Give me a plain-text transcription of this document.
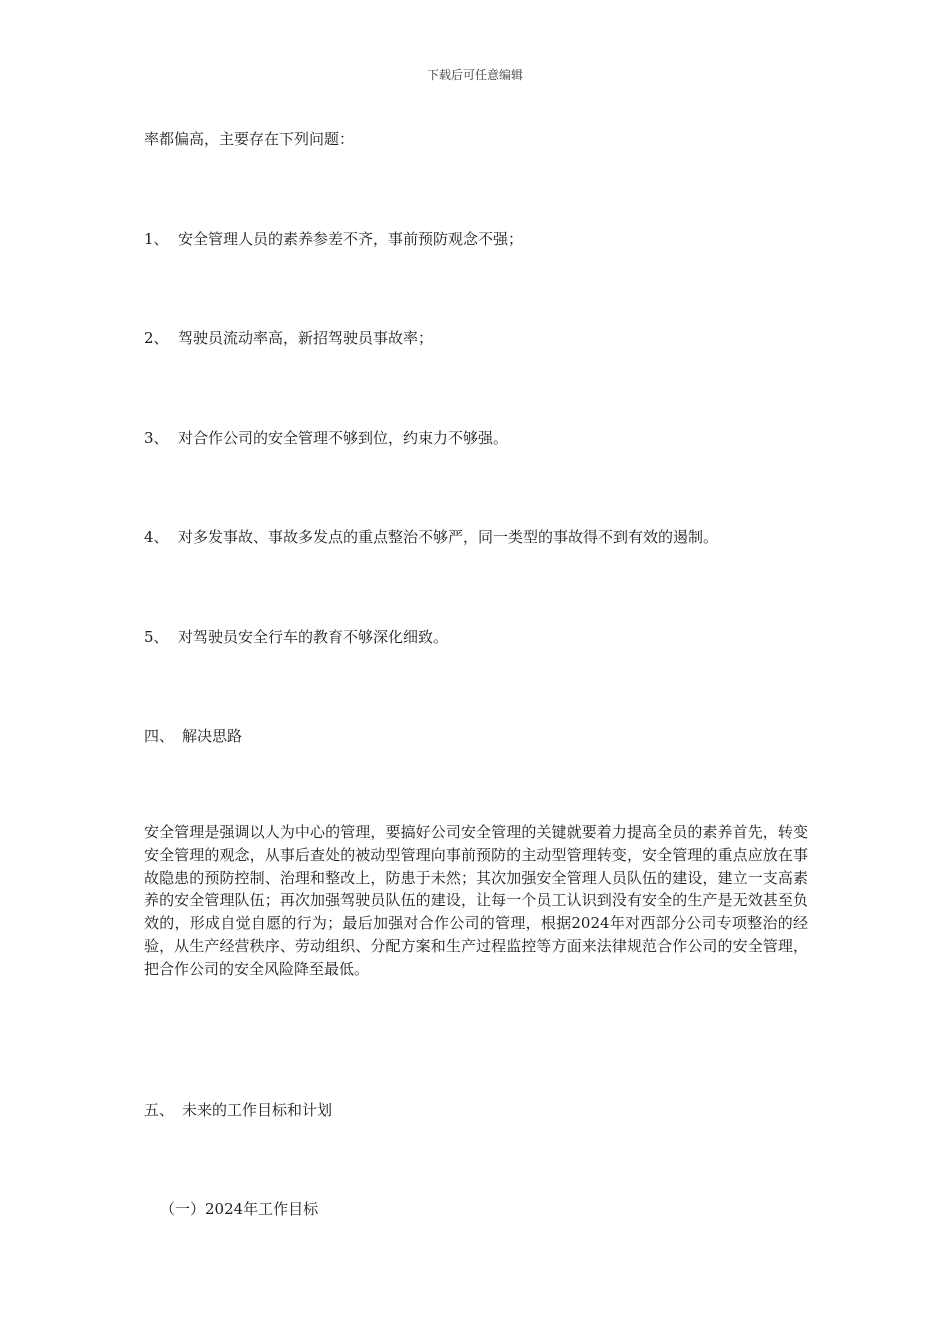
下载后可任意编辑
率都偏高，主要存在下列问题：
1、 安全管理人员的素养参差不齐，事前预防观念不强；
2、 驾驶员流动率高，新招驾驶员事故率；
3、 对合作公司的安全管理不够到位，约束力不够强。
4、 对多发事故、事故多发点的重点整治不够严，同一类型的事故得不到有效的遏制。
5、 对驾驶员安全行车的教育不够深化细致。
四、 解决思路
安全管理是强调以人为中心的管理，要搞好公司安全管理的关键就要着力提高全员的素养首先，转变安全管理的观念，从事后查处的被动型管理向事前预防的主动型管理转变，安全管理的重点应放在事故隐患的预防控制、治理和整改上，防患于未然；其次加强安全管理人员队伍的建设，建立一支高素养的安全管理队伍；再次加强驾驶员队伍的建设，让每一个员工认识到没有安全的生产是无效甚至负效的，形成自觉自愿的行为；最后加强对合作公司的管理，根据2024年对西部分公司专项整治的经验，从生产经营秩序、劳动组织、分配方案和生产过程监控等方面来法律规范合作公司的安全管理，把合作公司的安全风险降至最低。
五、 未来的工作目标和计划
（一）2024年工作目标
